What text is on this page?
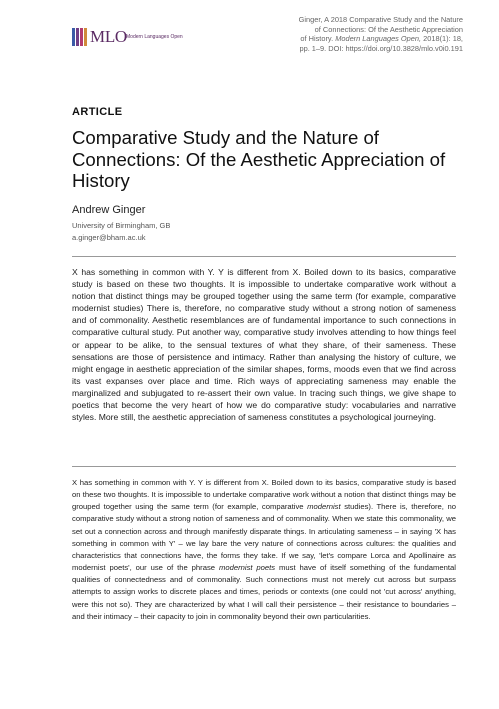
MLO Modern Languages Open
Ginger, A 2018 Comparative Study and the Nature
of Connections: Of the Aesthetic Appreciation
of History. Modern Languages Open, 2018(1): 18,
pp. 1–9. DOI: https://doi.org/10.3828/mlo.v0i0.191
ARTICLE
Comparative Study and the Nature of Connections: Of the Aesthetic Appreciation of History
Andrew Ginger
University of Birmingham, GB
a.ginger@bham.ac.uk
X has something in common with Y. Y is different from X. Boiled down to its basics, comparative study is based on these two thoughts. It is impossible to undertake comparative work without a notion that distinct things may be grouped together using the same term (for example, comparative modernist studies) There is, therefore, no comparative study without a strong notion of sameness and of commonality. Aesthetic resemblances are of fundamental importance to such connections in comparative cultural study. Put another way, comparative study involves attending to how things feel or appear to be alike, to the sensual textures of what they share, of their sameness. These sensations are those of persistence and intimacy. Rather than analysing the history of culture, we might engage in aesthetic appreciation of the similar shapes, forms, moods even that we find across its vast expanses over place and time. Rich ways of appreciating sameness may enable the marginalized and subjugated to re-assert their own value. In tracing such things, we give shape to poetics that become the very heart of how we do comparative study: vocabularies and narrative styles. More still, the aesthetic appreciation of sameness constitutes a psychological journeying.
X has something in common with Y. Y is different from X. Boiled down to its basics, comparative study is based on these two thoughts. It is impossible to undertake comparative work without a notion that distinct things may be grouped together using the same term (for example, comparative modernist studies). There is, therefore, no comparative study without a strong notion of sameness and of commonality. When we state this commonality, we set out a connection across and through manifestly disparate things. In articulating sameness – in saying 'X has something in common with Y' – we lay bare the very nature of connections across cultures: the qualities and characteristics that connections have, the forms they take. If we say, 'let's compare Lorca and Apollinaire as modernist poets', our use of the phrase modernist poets must have of itself something of the fundamental qualities of connectedness and of commonality. Such connections must not merely cut across but surpass attempts to assign works to discrete places and times, periods or contexts (one could not 'cut across' anything, were this not so). They are characterized by what I will call their persistence – their resistance to boundaries – and their intimacy – their capacity to join in commonality beyond their own particularities.
